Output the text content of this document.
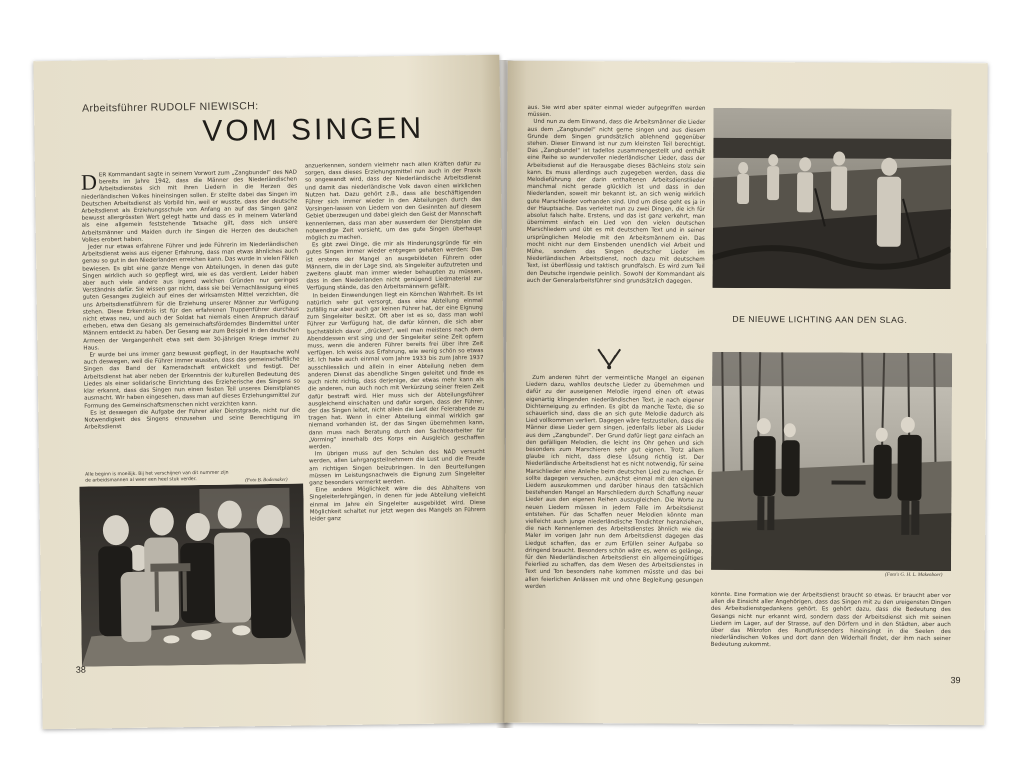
Arbeitsführer RUDOLF NIEWISCH:
VOM SINGEN

DER Kommandant sagte in seinem Vorwort zum „Zangbundel“ des NAD bereits im Jahre 1942, dass die Männer des Niederländischen Arbeitsdienstes sich mit ihren Liedern in die Herzen des niederländischen Volkes hineinsingen sollen. Er stellte dabei das Singen im Deutschen Arbeitsdienst als Vorbild hin, weil er wusste, dass der deutsche Arbeitsdienst als Erziehungsschule von Anfang an auf das Singen ganz bewusst allergrössten Wert gelegt hatte und dass es in meinem Vaterland als eine allgemein feststehende Tatsache gilt, dass sich unsere Arbeitsmänner und Maiden durch ihr Singen die Herzen des deutschen Volkes erobert haben.

Jeder nur etwas erfahrene Führer und jede Führerin im Niederländischen Arbeitsdienst weiss aus eigener Erfahrung, dass man etwas ähnliches auch genau so gut in den Niederlanden erreichen kann. Das wurde in vielen Fällen bewiesen. Es gibt eine ganze Menge von Abteilungen, in denen das gute Singen wirklich auch so gepflegt wird, wie es das verdient. Leider haben aber auch viele andere aus irgend welchen Gründen nur geringes Verständnis dafür. Sie wissen gar nicht, dass sie bei Vernachlässigung eines guten Gesanges zugleich auf eines der wirksamsten Mittel verzichten, die uns Arbeitsdienstführern für die Erziehung unserer Männer zur Verfügung stehen. Diese Erkenntnis ist für den erfahrenen Truppenführer durchaus nicht etwas neu, und auch der Soldat hat niemals einen Anspruch darauf erheben, etwa den Gesang als gemeinschaftsförderndes Bindemittel unter Männern entdeckt zu haben. Der Gesang war zum Beispiel in den deutschen Armeen der Vergangenheit etwa seit dem 30-jährigen Kriege immer zu Haus.

Er wurde bei uns immer ganz bewusst gepflegt, in der Hauptsache wohl auch deswegen, weil die Führer immer wussten, dass das gemeinschaftliche Singen das Band der Kameradschaft entwickelt und festigt. Der Arbeitsdienst hat aber neben der Erkenntnis der kulturellen Bedeutung des Liedes als einer solidarische Einrichtung des Erzieherische des Singens so klar erkannt, dass das Singen nun einen festen Teil unseres Dienstplanes ausmacht. Wir haben eingesehen, dass man auf dieses Erziehungsmittel zur Formung des Gemeinschaftsmenschen nicht verzichten kann.

Es ist deswegen die Aufgabe der Führer aller Dienstgrade, nicht nur die Notwendigkeit des Singens einzusehen und seine Berechtigung im Arbeitsdienst

anzuerkennen, sondern vielmehr nach allen Kräften dafür zu sorgen, dass dieses Erziehungsmittel nun auch in der Praxis so angewandt wird, dass der Niederländische Arbeitsdienst und damit das niederländische Volk davon einen wirklichen Nutzen hat. Dazu gehört z.B., dass alle beschäftigenden Führer sich immer wieder in den Abteilungen durch das Vorsingen-lassen von Liedern von den Gesinnten auf diesem Gebiet überzeugen und dabei gleich den Geist der Mannschaft kennenlernen, dass man aber ausserdem der Dienstplan die notwendige Zeit vorsieht, um das gute Singen überhaupt möglich zu machen.

Es gibt zwei Dinge, die mir als Hinderungsgründe für ein gutes Singen immer wieder entgegen gehalten werden: Das ist erstens der Mangel an ausgebildeten Führern oder Männern, die in der Lage sind, als Singeleiter aufzutreten und zweitens glaubt man immer wieder behaupten zu müssen, dass in den Niederlanden nicht genügend Liedmaterial zur Verfügung stände, das den Arbeitsmännern gefällt.

In beiden Einwendungen liegt ein Körnchen Wahrheit. Es ist natürlich sehr gut versorgt, dass eine Abteilung einmal zufällig nur aber auch gar keinen Führer hat, der eine Eignung zum Singeleiter besitzt. Oft aber ist es so, dass man wohl Führer zur Verfügung hat, die dafür können, die sich aber buchstäblich davor „drücken“, weil man meistens nach dem Abenddessen erst sing und der Singeleiter seine Zeit opfern muss, wenn die anderen Führer bereits frei über ihre Zeit verfügen. Ich weiss aus Erfahrung, wie wenig schön so etwas ist. Ich habe auch einmal vom Jahre 1933 bis zum Jahre 1937 ausschliesslich und allein in einer Abteilung neben dem anderen Dienst das abendliche Singen geleitet und finde es auch nicht richtig, dass derjenige, der etwas mehr kann als die anderen, nun auch noch mit Verkürzung seiner freien Zeit dafür bestraft wird. Hier muss sich der Abteilungsführer ausgleichend einschalten und dafür sorgen, dass der Führer, der das Singen leitet, nicht allein die Last der Feierabende zu tragen hat. Wenn in einer Abteilung einmal wirklich gar niemand vorhanden ist, der das Singen übernehmen kann, dann muss nach Beratung durch den Sachbearbeiter für „Vorming“ innerhalb des Korps ein Ausgleich geschaffen werden.

Im übrigen muss auf den Schulen des NAD versucht werden, allen Lehrgangsteilnehmern die Lust und die Freude am richtigen Singen beizubringen. In den Beurteilungen müssen im Leistungsnachweis die Eignung zum Singeleiter ganz besonders vermerkt werden.

Eine andere Möglichkeit wäre die des Abhaltens von Singeleiterlehrgängen, in denen für jede Abteilung vielleicht einmal im Jahre ein Singeleiter ausgebildet wird. Diese Möglichkeit schaltet nur jetzt wegen des Mangels an Führern leider ganz

Alle beginn is moeilijk. Bij het verschijnen van dit nummer zijn de arbeidsmannen al weer een heel stuk verder.	(Foto B. Bodemaker)
38

aus. Sie wird aber später einmal wieder aufgegriffen werden müssen.

Und nun zu dem Einwand, dass die Arbeitsmänner die Lieder aus dem „Zangbundel“ nicht gerne singen und aus diesem Grunde dem Singen grundsätzlich ablehnend gegenüber stehen. Dieser Einwand ist nur zum kleinsten Teil berechtigt. Das „Zangbundel“ ist tadellos zusammengestellt und enthält eine Reihe so wundervoller niederländischer Lieder, dass der Arbeitsdienst auf die Herausgabe dieses Bächleins stolz sein kann. Es muss allerdings auch zugegeben werden, dass die Melodieführung der darin enthaltenen Arbeitsdienstlieder manchmal nicht gerade glücklich ist und dass in den Niederlanden, soweit mir bekannt ist, an sich wenig wirklich gute Marschlieder vorhanden sind. Und um diese geht es ja in der Hauptsache. Das verleitet nun zu zwei Dingen, die ich für absolut falsch halte. Erstens, und das ist ganz verkehrt, man übernimmt einfach ein Lied von den vielen deutschen Marschliedern und übt es mit deutschem Text und in seiner ursprünglichen Melodie mit den Arbeitsmännern ein. Das mocht nicht nur dem Einsbenden unendlich viel Arbeit und Mühe, sondern das Singen deutscher Lieder im Niederländischen Arbeitsdienst, noch dazu mit deutschem Text, ist überflüssig und taktisch grundfalsch. Es wird zum Teil den Deutsche irgendwie peinlich. Sowohl der Kommandant als auch der Generalarbeitsführer sind grundsätzlich dagegen.

Zum anderen führt der vermeintliche Mangel an eigenen Liedern dazu, wahllos deutsche Lieder zu übernehmen und dafür zu der auseigenen Melodie irgend einen oft etwas eigenartig klingenden niederländischen Text, je nach eigener Dichterneigung zu erfinden. Es gibt da manche Texte, die so schauerlich sind, dass die an sich gute Melodie dadurch als Lied vollkommen verliert. Dagegen wäre festzustellen, dass die Männer diese Lieder gern singen, jedenfalls lieber als Lieder aus dem „Zangbundel“. Der Grund dafür liegt ganz einfach an den gefälligen Melodien, die leicht ins Ohr gehen und sich besonders zum Marschieren sehr gut eignen. Trotz allem glaube ich nicht, dass diese Lösung richtig ist. Der Niederländische Arbeitsdienst hat es nicht notwendig, für seine Marschlieder eine Anleihe beim deutschen Lied zu machen. Er sollte dagegen versuchen, zunächst einmal mit den eigenen Liedern auszukommen und darüber hinaus den tatsächlich bestehenden Mangel an Marschliedern durch Schaffung neuer Lieder aus den eigenen Reihen auszugleichen. Die Worte zu neuen Liedern müssen in jedem Falle im Arbeitsdienst entstehen. Für das Schaffen neuer Melodien könnte man vielleicht auch junge niederländische Tondichter heranziehen, die nach Kennenlernen des Arbeitsdienstes ähnlich wie die Maler im vorigen Jahr nun dem Arbeitsdienst dagegen das Liedgut schaffen, das er zum Erfüllen seiner Aufgabe so dringend braucht. Besonders schön wäre es, wenn es gelänge, für den Niederländischen Arbeitsdienst ein allgemeingültiges Feierlied zu schaffen, das dem Wesen des Arbeitsdienstes in Text und Ton besonders nahe kommen müsste und das bei allen feierlichen Anlässen mit und ohne Begleitung gesungen werden

DE NIEUWE LICHTING AAN DEN SLAG.
(Foto's G. H. L. Makenboer)

könnte. Eine Formation wie der Arbeitsdienst braucht so etwas. Er braucht aber vor allen die Einsicht aller Angehörigen, dass das Singen mit zu den ureigensten Dingen des Arbeitsdienstgedankens gehört. Es gehört dazu, dass die Bedeutung des Gesangs nicht nur erkannt wird, sondern dass der Arbeitsdienst sich mit seinen Liedern im Lager, auf der Strasse, auf den Dörfern und in den Städten, aber auch über das Mikrofon des Rundfunksenders hineinsingt in die Seelen des niederländischen Volkes und dort dann den Widerhall findet, der ihm nach seiner Bedeutung zukommt.

39
